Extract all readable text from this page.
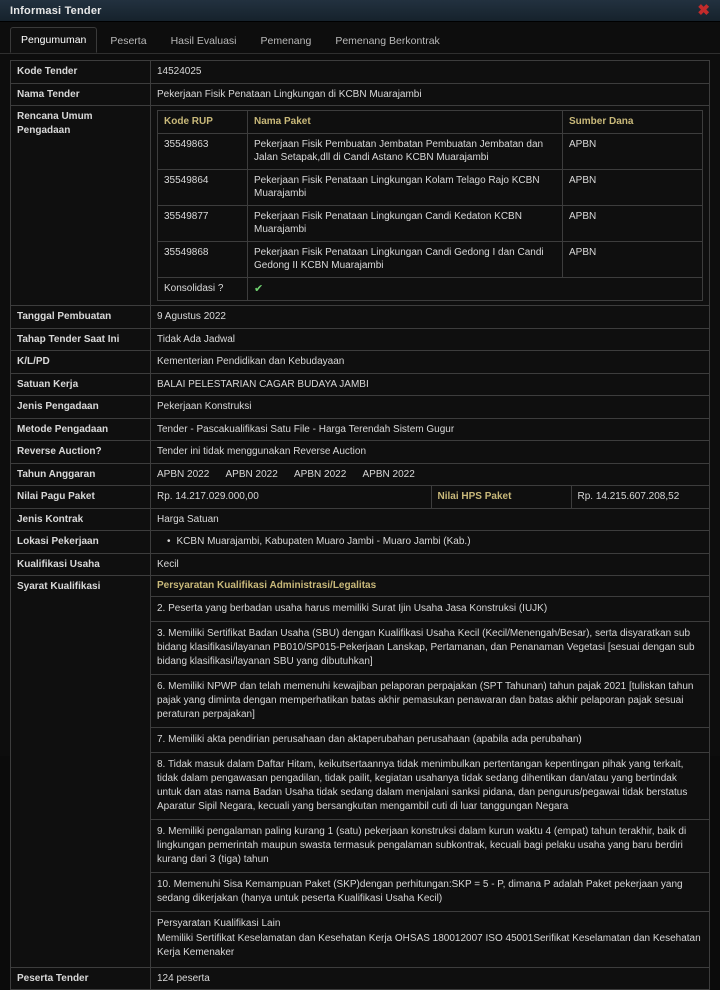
Informasi Tender	✖
Pengumuman	Peserta	Hasil Evaluasi	Pemenang	Pemenang Berkontrak
Kode Tender	14524025
Nama Tender	Pekerjaan Fisik Penataan Lingkungan di KCBN Muarajambi
Rencana Umum Pengadaan	
Kode RUP	Nama Paket	Sumber Dana
35549863	Pekerjaan Fisik Pembuatan Jembatan Pembuatan Jembatan dan Jalan Setapak,dll di Candi Astano KCBN Muarajambi	APBN
35549864	Pekerjaan Fisik Penataan Lingkungan Kolam Telago Rajo KCBN Muarajambi	APBN
35549877	Pekerjaan Fisik Penataan Lingkungan Candi Kedaton KCBN Muarajambi	APBN
35549868	Pekerjaan Fisik Penataan Lingkungan Candi Gedong I dan Candi Gedong II KCBN Muarajambi	APBN
Konsolidasi ?	✔

Tanggal Pembuatan	9 Agustus 2022
Tahap Tender Saat Ini	Tidak Ada Jadwal
K/L/PD	Kementerian Pendidikan dan Kebudayaan
Satuan Kerja	BALAI PELESTARIAN CAGAR BUDAYA JAMBI
Jenis Pengadaan	Pekerjaan Konstruksi
Metode Pengadaan	Tender - Pascakualifikasi Satu File - Harga Terendah Sistem Gugur
Reverse Auction?	Tender ini tidak menggunakan Reverse Auction
Tahun Anggaran	APBN 2022 APBN 2022 APBN 2022 APBN 2022
Nilai Pagu Paket		Rp. 14.217.029.000,00	Nilai HPS Paket	Rp. 14.215.607.208,52

Jenis Kontrak	Harga Satuan
Lokasi Pekerjaan	•KCBN Muarajambi, Kabupaten Muaro Jambi - Muaro Jambi (Kab.)
Kualifikasi Usaha	Kecil
Syarat Kualifikasi	Persyaratan Kualifikasi Administrasi/Legalitas
2. Peserta yang berbadan usaha harus memiliki Surat Ijin Usaha Jasa Konstruksi (IUJK)
3. Memiliki Sertifikat Badan Usaha (SBU) dengan Kualifikasi Usaha Kecil (Kecil/Menengah/Besar), serta disyaratkan sub bidang klasifikasi/layanan PB010/SP015-Pekerjaan Lanskap, Pertamanan, dan Penanaman Vegetasi [sesuai dengan sub bidang klasifikasi/layanan SBU yang dibutuhkan]
6. Memiliki NPWP dan telah memenuhi kewajiban pelaporan perpajakan (SPT Tahunan) tahun pajak 2021 [tuliskan tahun pajak yang diminta dengan memperhatikan batas akhir pemasukan penawaran dan batas akhir pelaporan pajak sesuai peraturan perpajakan]
7. Memiliki akta pendirian perusahaan dan aktaperubahan perusahaan (apabila ada perubahan)
8. Tidak masuk dalam Daftar Hitam, keikutsertaannya tidak menimbulkan pertentangan kepentingan pihak yang terkait, tidak dalam pengawasan pengadilan, tidak pailit, kegiatan usahanya tidak sedang dihentikan dan/atau yang bertindak untuk dan atas nama Badan Usaha tidak sedang dalam menjalani sanksi pidana, dan pengurus/pegawai tidak berstatus Aparatur Sipil Negara, kecuali yang bersangkutan mengambil cuti di luar tanggungan Negara
9. Memiliki pengalaman paling kurang 1 (satu) pekerjaan konstruksi dalam kurun waktu 4 (empat) tahun terakhir, baik di lingkungan pemerintah maupun swasta termasuk pengalaman subkontrak, kecuali bagi pelaku usaha yang baru berdiri kurang dari 3 (tiga) tahun
10. Memenuhi Sisa Kemampuan Paket (SKP)dengan perhitungan:SKP = 5 - P, dimana P adalah Paket pekerjaan yang sedang dikerjakan (hanya untuk peserta Kualifikasi Usaha Kecil)
Persyaratan Kualifikasi Lain
Memiliki Sertifikat Keselamatan dan Kesehatan Kerja OHSAS 180012007 ISO 45001Serifikat Keselamatan dan Kesehatan Kerja Kemenaker

Peserta Tender	124 peserta
